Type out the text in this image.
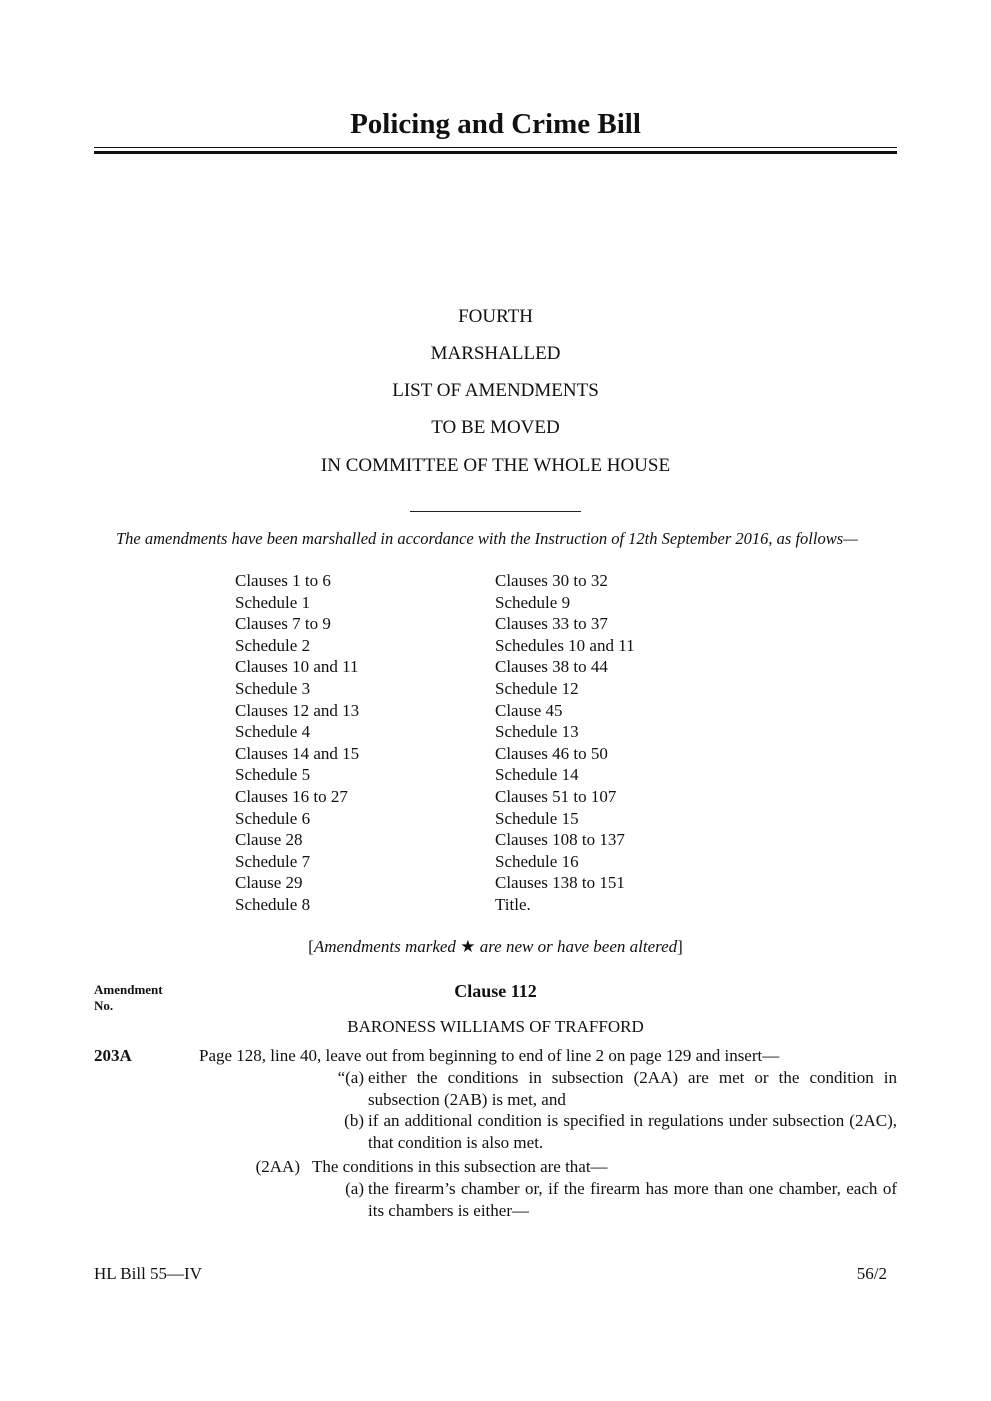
Policing and Crime Bill
FOURTH
MARSHALLED
LIST OF AMENDMENTS
TO BE MOVED
IN COMMITTEE OF THE WHOLE HOUSE
The amendments have been marshalled in accordance with the Instruction of 12th September 2016, as follows—
Clauses 1 to 6
Schedule 1
Clauses 7 to 9
Schedule 2
Clauses 10 and 11
Schedule 3
Clauses 12 and 13
Schedule 4
Clauses 14 and 15
Schedule 5
Clauses 16 to 27
Schedule 6
Clause 28
Schedule 7
Clause 29
Schedule 8
Clauses 30 to 32
Schedule 9
Clauses 33 to 37
Schedules 10 and 11
Clauses 38 to 44
Schedule 12
Clause 45
Schedule 13
Clauses 46 to 50
Schedule 14
Clauses 51 to 107
Schedule 15
Clauses 108 to 137
Schedule 16
Clauses 138 to 151
Title.
[Amendments marked ★ are new or have been altered]
Amendment
No.
Clause 112
BARONESS WILLIAMS OF TRAFFORD
203A	Page 128, line 40, leave out from beginning to end of line 2 on page 129 and insert—
“(a) either the conditions in subsection (2AA) are met or the condition in subsection (2AB) is met, and
(b) if an additional condition is specified in regulations under subsection (2AC), that condition is also met.
(2AA) The conditions in this subsection are that—
(a) the firearm’s chamber or, if the firearm has more than one chamber, each of its chambers is either—
HL Bill 55—IV	56/2
